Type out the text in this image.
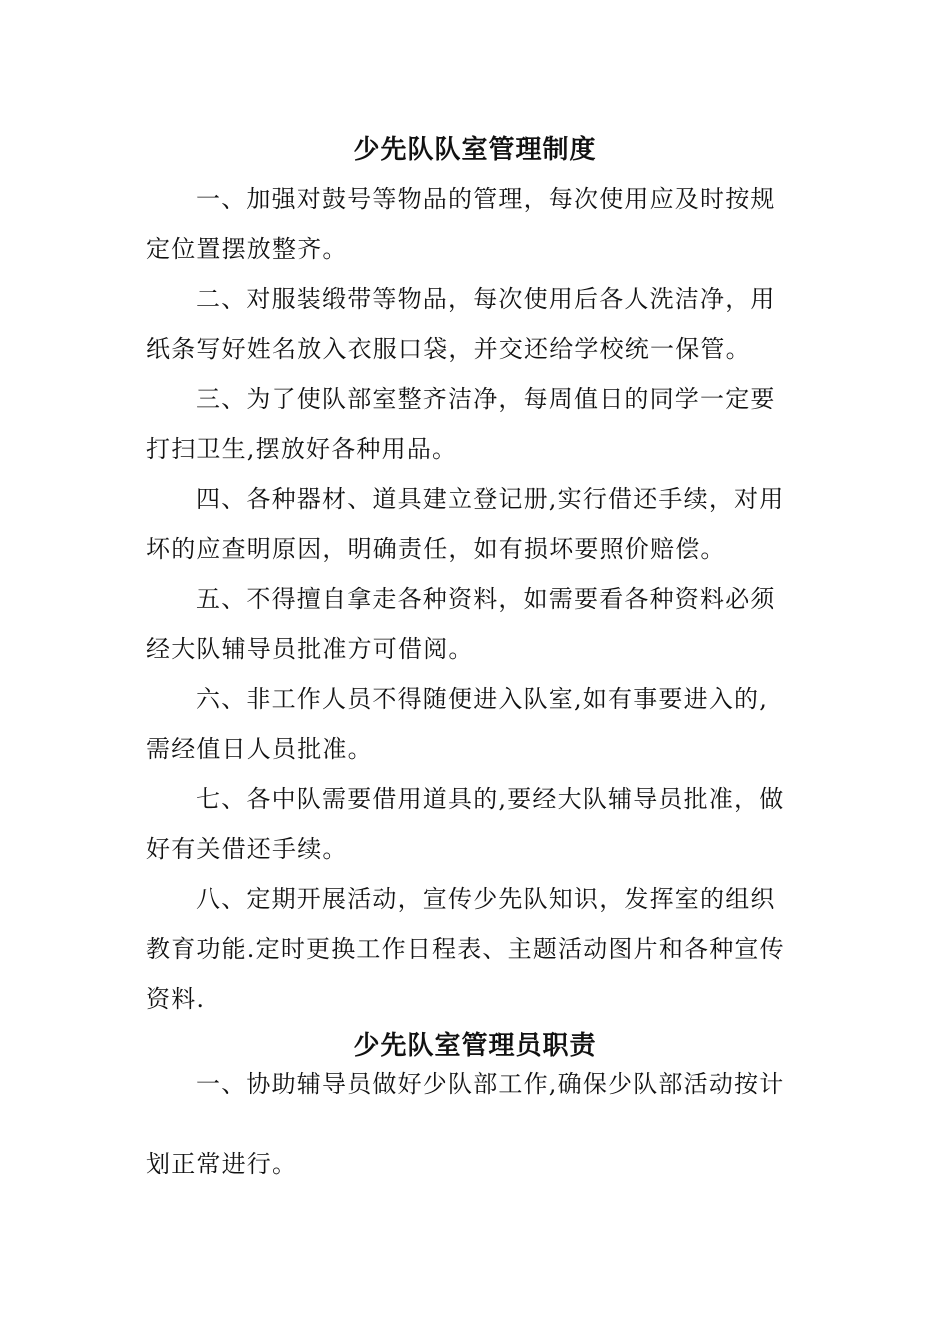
少先队队室管理制度
一、加强对鼓号等物品的管理，每次使用应及时按规
定位置摆放整齐。
二、对服装缎带等物品，每次使用后各人洗洁净，用
纸条写好姓名放入衣服口袋，并交还给学校统一保管。
三、为了使队部室整齐洁净，每周值日的同学一定要
打扫卫生,摆放好各种用品。
四、各种器材、道具建立登记册,实行借还手续，对用
坏的应查明原因，明确责任，如有损坏要照价赔偿。
五、不得擅自拿走各种资料，如需要看各种资料必须
经大队辅导员批准方可借阅。
六、非工作人员不得随便进入队室,如有事要进入的,
需经值日人员批准。
七、各中队需要借用道具的,要经大队辅导员批准，做
好有关借还手续。
八、定期开展活动，宣传少先队知识，发挥室的组织
教育功能.定时更换工作日程表、主题活动图片和各种宣传
资料.
少先队室管理员职责
一、协助辅导员做好少队部工作,确保少队部活动按计
划正常进行。
